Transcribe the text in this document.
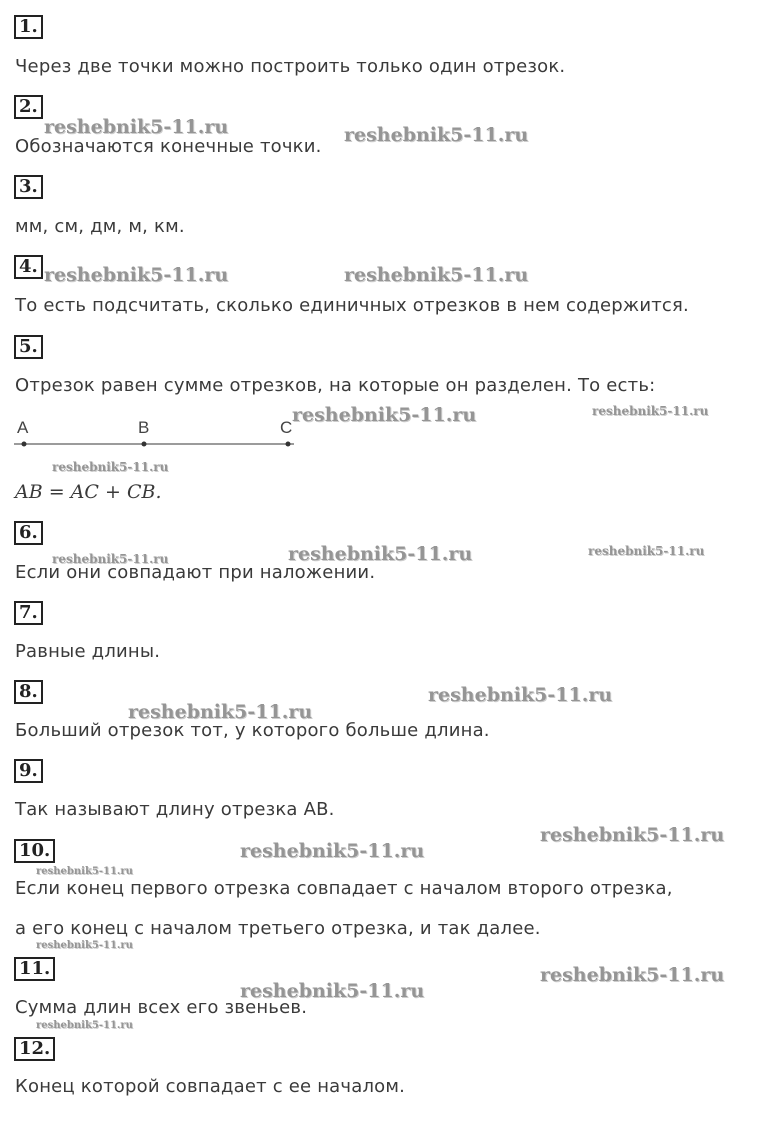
1.
Через две точки можно построить только один отрезок.
2.
Обозначаются конечные точки.
3.
мм, см, дм, м, км.
4.
То есть подсчитать, сколько единичных отрезков в нем содержится.
5.
Отрезок равен сумме отрезков, на которые он разделен. То есть:
A	B	C
AB = AC + CB.
6.
Если они совпадают при наложении.
7.
Равные длины.
8.
Больший отрезок тот, у которого больше длина.
9.
Так называют длину отрезка AB.
10.
Если конец первого отрезка совпадает с началом второго отрезка,
а его конец с началом третьего отрезка, и так далее.
11.
Сумма длин всех его звеньев.
12.
Конец которой совпадает с ее началом.
reshebnik5-11.ru	reshebnik5-11.ru
reshebnik5-11.ru	reshebnik5-11.ru
reshebnik5-11.ru	reshebnik5-11.ru
reshebnik5-11.ru
reshebnik5-11.ru	reshebnik5-11.ru	reshebnik5-11.ru
reshebnik5-11.ru
reshebnik5-11.ru
reshebnik5-11.ru
reshebnik5-11.ru
reshebnik5-11.ru
reshebnik5-11.ru
reshebnik5-11.ru
reshebnik5-11.ru
reshebnik5-11.ru
